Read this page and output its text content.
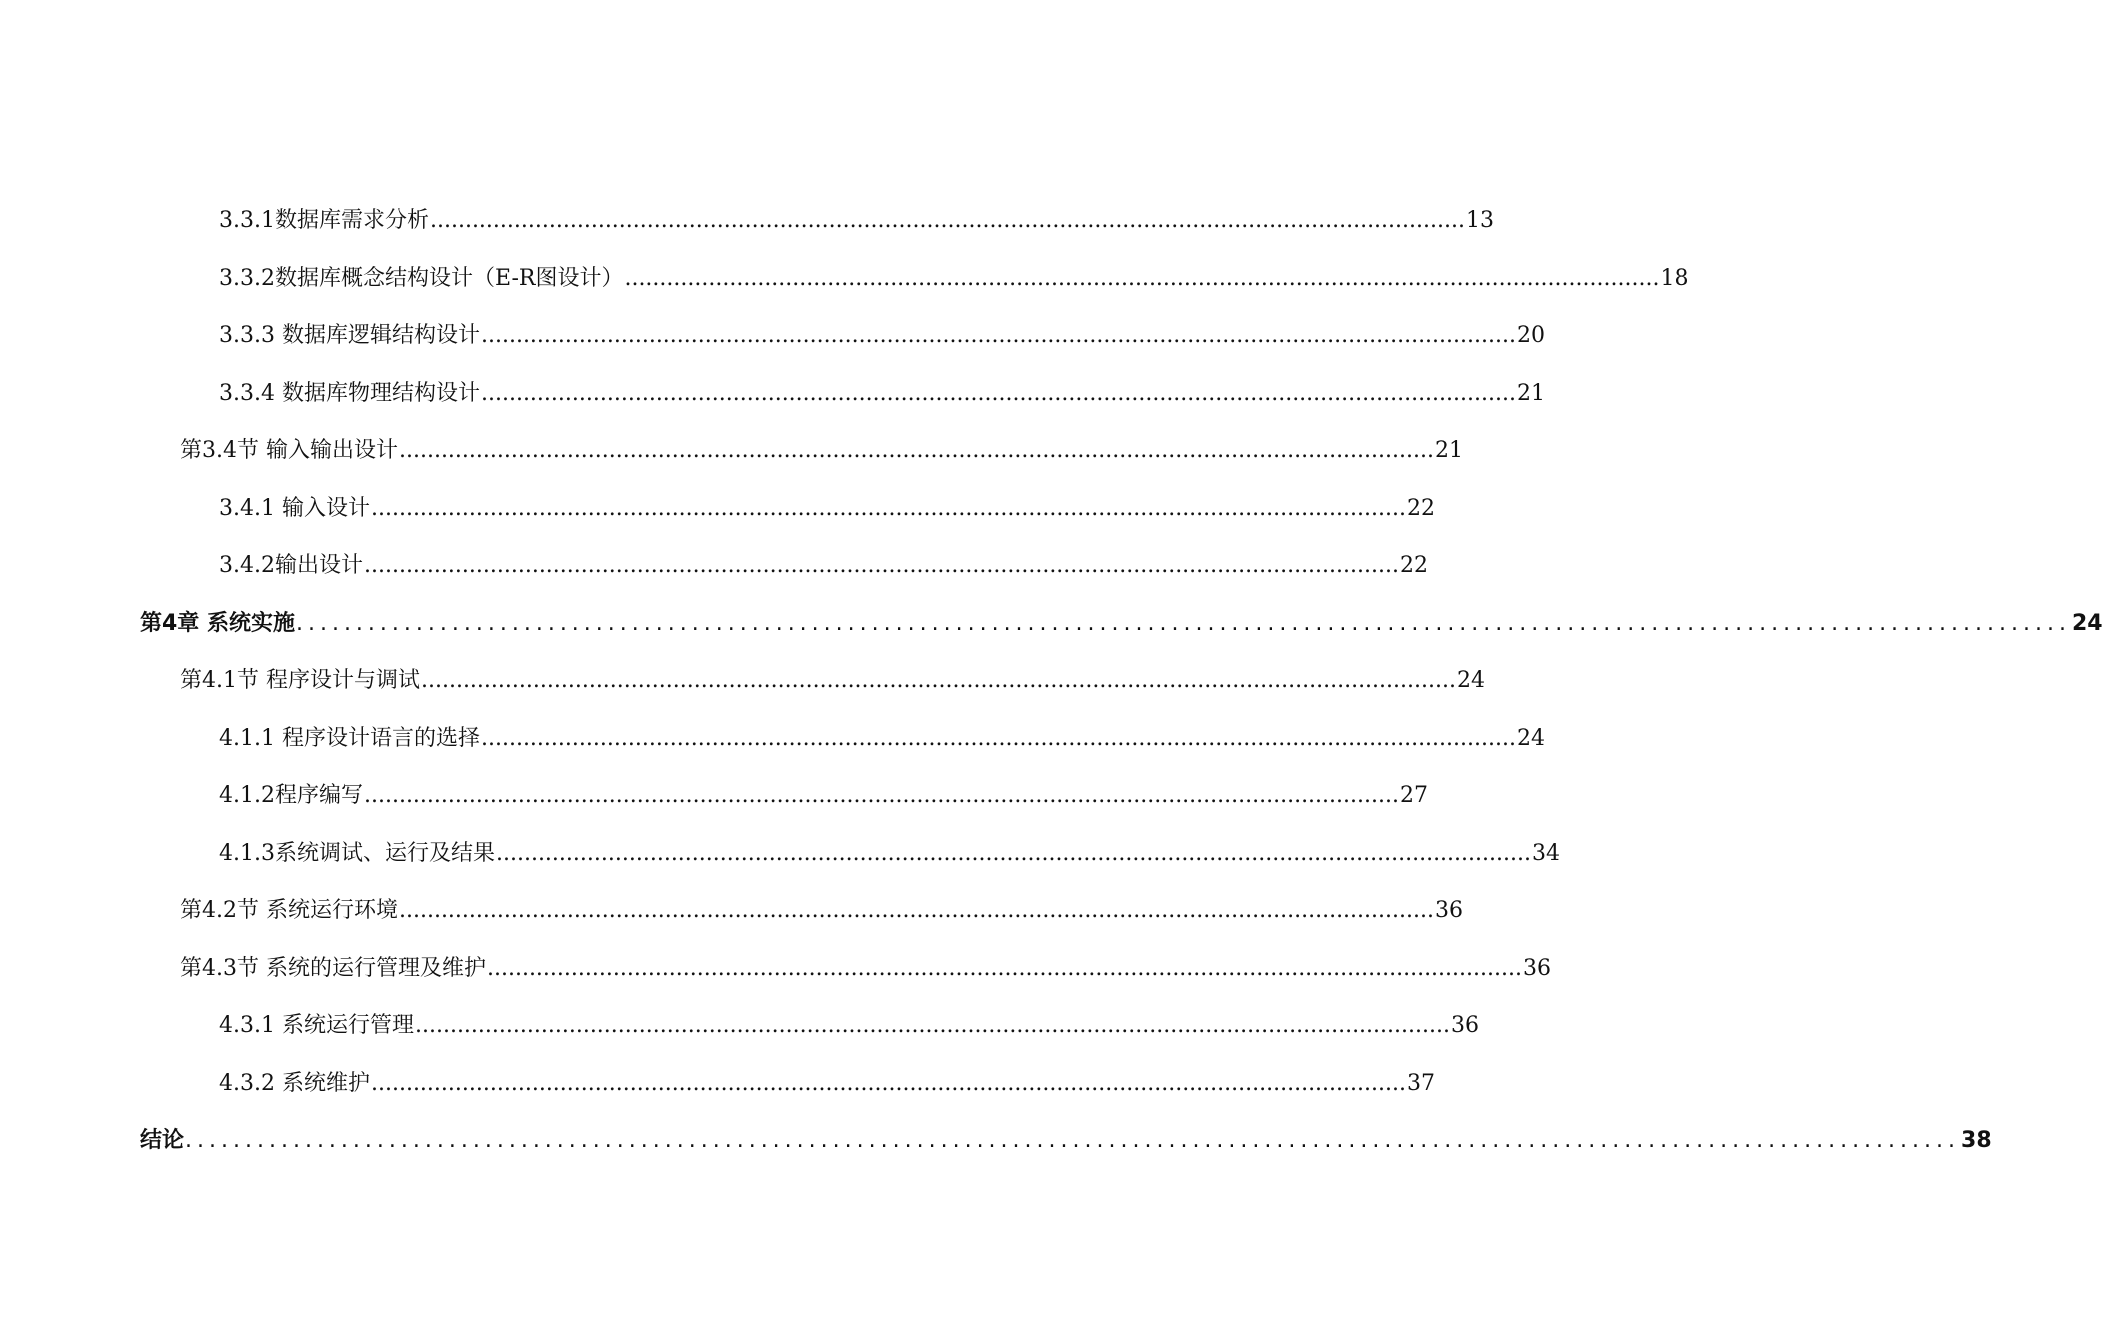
3.3.1数据库需求分析 .................................................................................................................................................... 13
3.3.2数据库概念结构设计（E-R图设计） .................................................................................................................................................... 18
3.3.3 数据库逻辑结构设计 .................................................................................................................................................... 20
3.3.4 数据库物理结构设计 .................................................................................................................................................... 21
第3.4节 输入输出设计 .................................................................................................................................................... 21
3.4.1 输入设计 .................................................................................................................................................... 22
3.4.2输出设计 .................................................................................................................................................... 22
第4章 系统实施 .................................................................................................................................................... 24
第4.1节 程序设计与调试 .................................................................................................................................................... 24
4.1.1 程序设计语言的选择 .................................................................................................................................................... 24
4.1.2程序编写 .................................................................................................................................................... 27
4.1.3系统调试、运行及结果 .................................................................................................................................................... 34
第4.2节 系统运行环境 .................................................................................................................................................... 36
第4.3节 系统的运行管理及维护 .................................................................................................................................................... 36
4.3.1 系统运行管理 .................................................................................................................................................... 36
4.3.2 系统维护 .................................................................................................................................................... 37
结论 .................................................................................................................................................... 38
